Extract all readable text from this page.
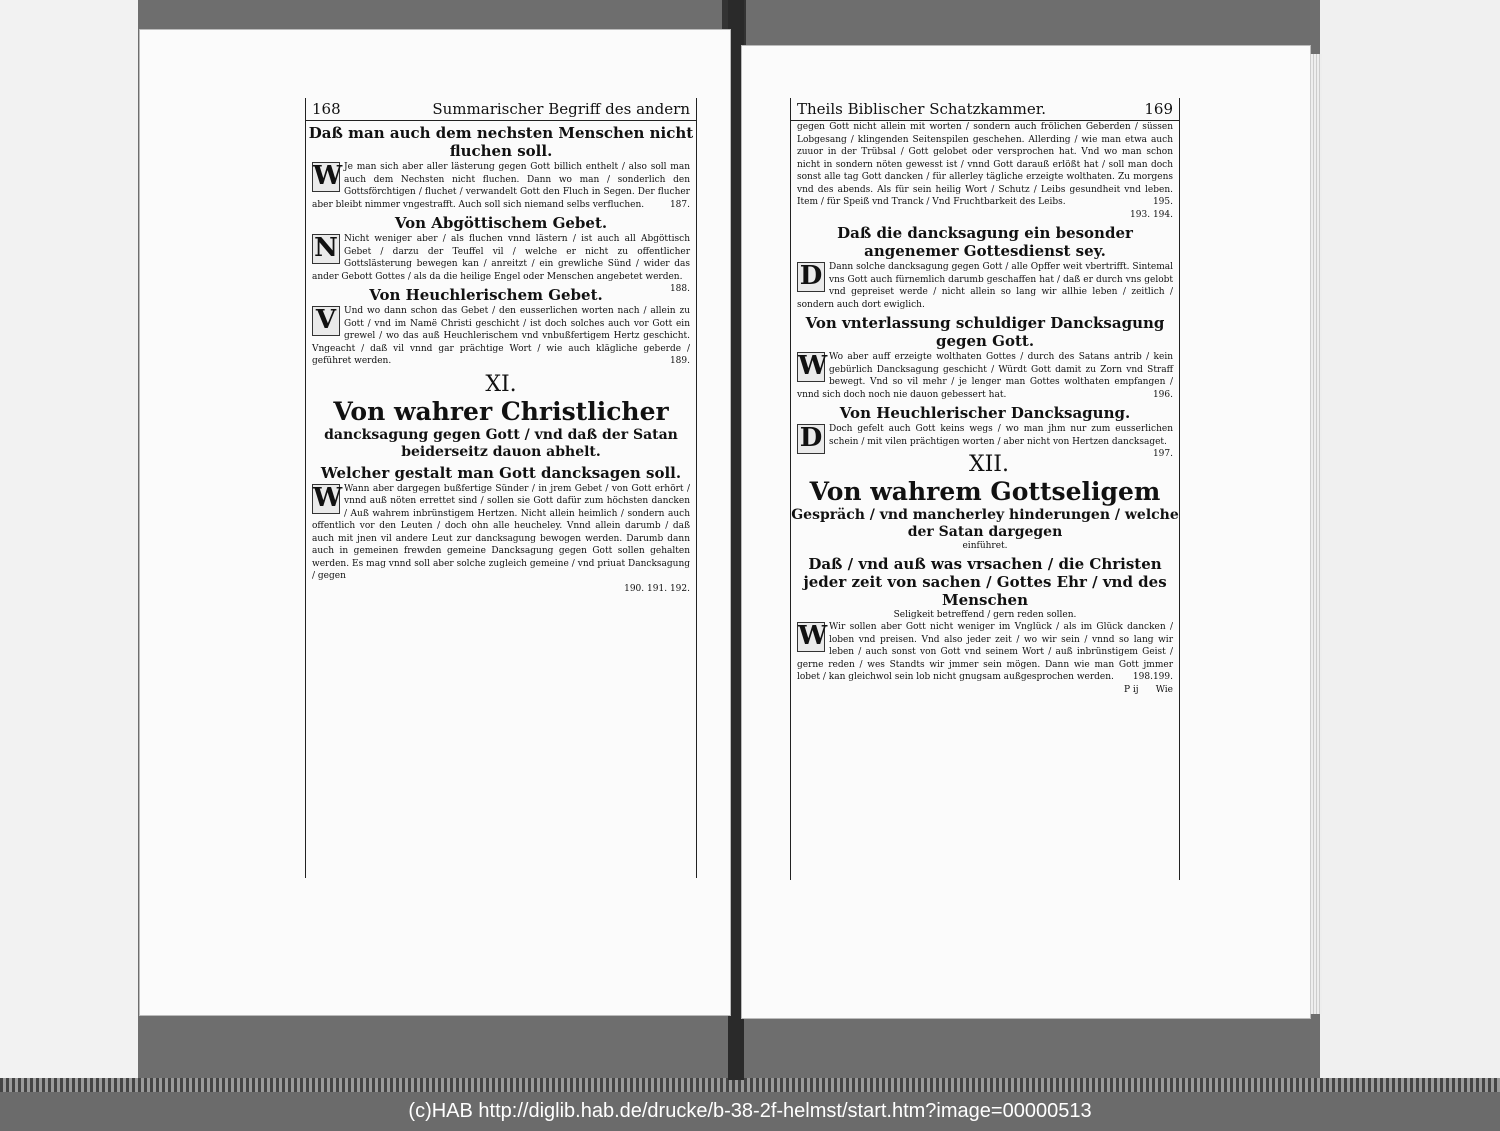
168	Summarischer Begriff des andern
Daß man auch dem nechsten Menschen nicht fluchen soll.

W Je man sich aber aller lästerung gegen Gott billich enthelt / also soll man auch dem Nechsten nicht fluchen. Dann wo man / sonderlich den Gottsförchtigen / fluchet / verwandelt Gott den Fluch in Segen. Der flucher aber bleibt nimmer vngestrafft. Auch soll sich niemand selbs verfluchen.	187.

Von Abgöttischem Gebet.

N Nicht weniger aber / als fluchen vnnd lästern / ist auch all Abgöttisch Gebet / darzu der Teuffel vil / welche er nicht zu offentlicher Gottslästerung bewegen kan / anreitzt / ein grewliche Sünd / wider das ander Gebott Gottes / als da die heilige Engel oder Menschen angebetet werden.
188.

Von Heuchlerischem Gebet.

V Und wo dann schon das Gebet / den eusserlichen worten nach / allein zu Gott / vnd im Namë Christi geschicht / ist doch solches auch vor Gott ein grewel / wo das auß Heuchlerischem vnd vnbußfertigem Hertz geschicht. Vngeacht / daß vil vnnd gar prächtige Wort / wie auch klägliche geberde / geführet werden.	189.

XI.
Von wahrer Christlicher
dancksagung gegen Gott / vnd daß der Satan beiderseitz dauon abhelt.
Welcher gestalt man Gott dancksagen soll.

W Wann aber dargegen bußfertige Sünder / in jrem Gebet / von Gott erhört / vnnd auß nöten errettet sind / sollen sie Gott dafür zum höchsten dancken / Auß wahrem inbrünstigem Hertzen. Nicht allein heimlich / sondern auch offentlich vor den Leuten / doch ohn alle heucheley. Vnnd allein darumb / daß auch mit jnen vil andere Leut zur dancksagung bewogen werden. Darumb dann auch in gemeinen frewden gemeine Dancksagung gegen Gott sollen gehalten werden. Es mag vnnd soll aber solche zugleich gemeine / vnd priuat Dancksagung / gegen

190. 191. 192.

Theils Biblischer Schatzkammer.	169

gegen Gott nicht allein mit worten / sondern auch frölichen Geberden / süssen Lobgesang / klingenden Seitenspilen geschehen. Allerding / wie man etwa auch zuuor in der Trübsal / Gott gelobet oder versprochen hat. Vnd wo man schon nicht in sondern nöten gewesst ist / vnnd Gott darauß erlößt hat / soll man doch sonst alle tag Gott dancken / für allerley tägliche erzeigte wolthaten. Zu morgens vnd des abends. Als für sein heilig Wort / Schutz / Leibs gesundheit vnd leben. Item / für Speiß vnd Tranck / Vnd Fruchtbarkeit des Leibs.	195.

193. 194.

Daß die dancksagung ein besonder angenemer Gottesdienst sey.

D Dann solche dancksagung gegen Gott / alle Opffer weit vbertrifft. Sintemal vns Gott auch fürnemlich darumb geschaffen hat / daß er durch vns gelobt vnd gepreiset werde / nicht allein so lang wir allhie leben / zeitlich / sondern auch dort ewiglich.

Von vnterlassung schuldiger Dancksagung gegen Gott.

W Wo aber auff erzeigte wolthaten Gottes / durch des Satans antrib / kein gebürlich Dancksagung geschicht / Würdt Gott damit zu Zorn vnd Straff bewegt. Vnd so vil mehr / je lenger man Gottes wolthaten empfangen / vnnd sich doch noch nie dauon gebessert hat.	196.

Von Heuchlerischer Dancksagung.

D Doch gefelt auch Gott keins wegs / wo man jhm nur zum eusserlichen schein / mit vilen prächtigen worten / aber nicht von Hertzen dancksaget.
197.

XII.
Von wahrem Gottseligem
Gespräch / vnd mancherley hinderungen / welche der Satan dargegen
einführet.
Daß / vnd auß was vrsachen / die Christen jeder zeit von sachen / Gottes Ehr / vnd des Menschen
Seligkeit betreffend / gern reden sollen.

W Wir sollen aber Gott nicht weniger im Vnglück / als im Glück dancken / loben vnd preisen. Vnd also jeder zeit / wo wir sein / vnnd so lang wir leben / auch sonst von Gott vnd seinem Wort / auß inbrünstigem Geist / gerne reden / wes Standts wir jmmer sein mögen. Dann wie man Gott jmmer lobet / kan gleichwol sein lob nicht gnugsam außgesprochen werden.	198.199.

P ij Wie

(c)HAB http://diglib.hab.de/drucke/b-38-2f-helmst/start.htm?image=00000513
